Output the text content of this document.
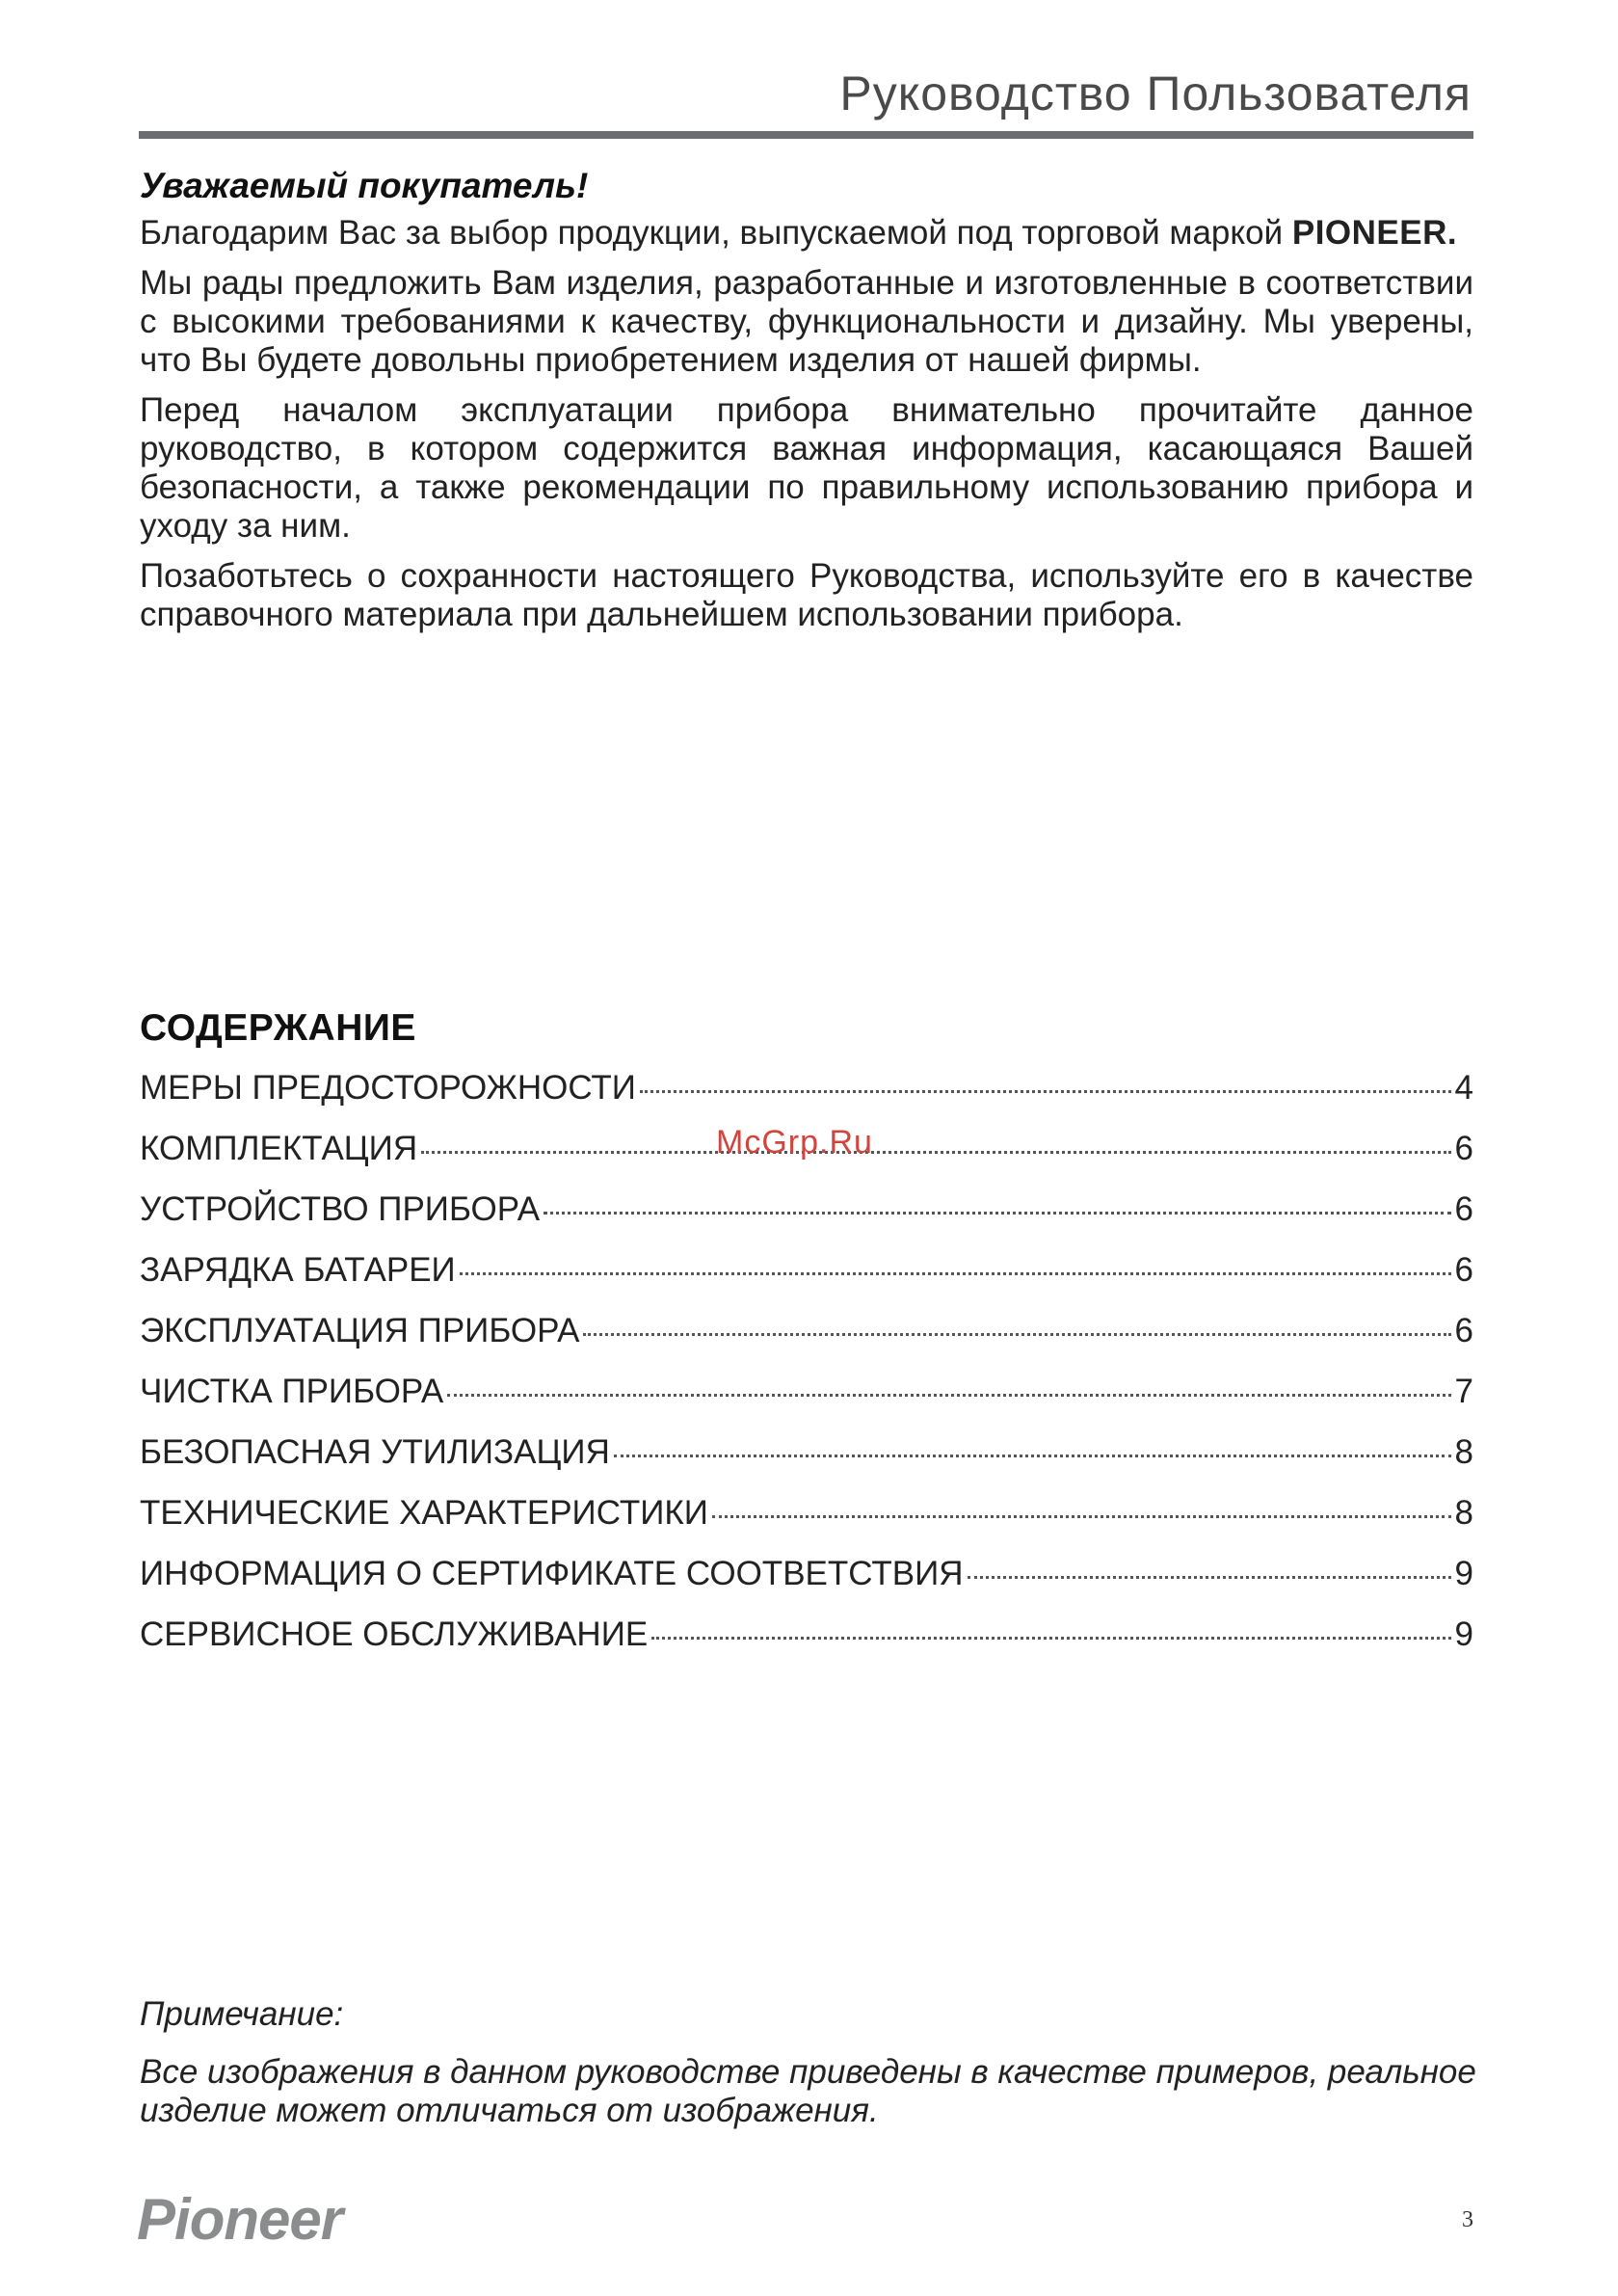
Руководство Пользователя
Уважаемый покупатель!

Благодарим Вас за выбор продукции, выпускаемой под торговой маркой PIONEER.

Мы рады предложить Вам изделия, разработанные и изготовленные в соответствии с высокими требованиями к качеству, функциональности и дизайну. Мы уверены, что Вы будете довольны приобретением изделия от нашей фирмы.

Перед началом эксплуатации прибора внимательно прочитайте данное руководство, в котором содержится важная информация, касающаяся Вашей безопасности, а также рекомендации по правильному использованию прибора и уходу за ним.

Позаботьтесь о сохранности настоящего Руководства, используйте его в качестве справочного материала при дальнейшем использовании прибора.

СОДЕРЖАНИЕ
МЕРЫ ПРЕДОСТОРОЖНОСТИ	4
КОМПЛЕКТАЦИЯ	6
УСТРОЙСТВО ПРИБОРА	6
ЗАРЯДКА БАТАРЕИ	6
ЭКСПЛУАТАЦИЯ ПРИБОРА	6
ЧИСТКА ПРИБОРА	7
БЕЗОПАСНАЯ УТИЛИЗАЦИЯ	8
ТЕХНИЧЕСКИЕ ХАРАКТЕРИСТИКИ	8
ИНФОРМАЦИЯ О СЕРТИФИКАТЕ СООТВЕТСТВИЯ	9
СЕРВИСНОЕ ОБСЛУЖИВАНИЕ	9
McGrp.Ru

Примечание:

Все изображения в данном руководстве приведены в качестве примеров, реальное изделие может отличаться от изображения.

Pioneer	3
